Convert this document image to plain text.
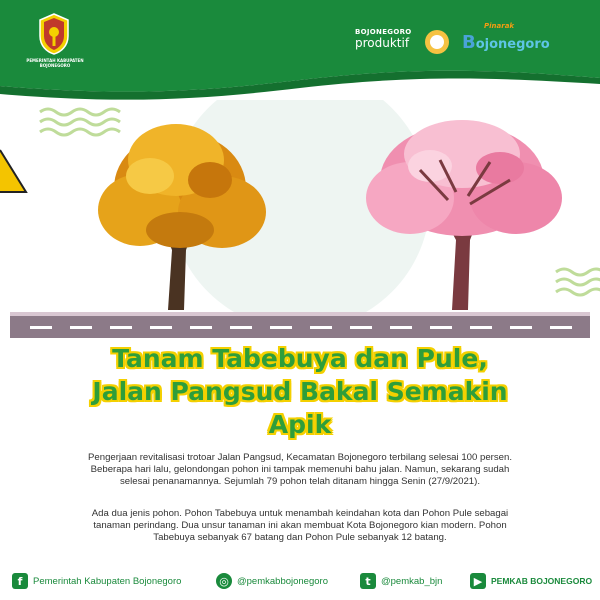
PEMERINTAH KABUPATEN
BOJONEGORO
BOJONEGORO
produktif
Pinarak
Bojonegoro
Tanam Tabebuya dan Pule,
Jalan Pangsud Bakal Semakin
Apik

Pengerjaan revitalisasi trotoar Jalan Pangsud, Kecamatan Bojonegoro terbilang selesai 100 persen. Beberapa hari lalu, gelondongan pohon ini tampak memenuhi bahu jalan. Namun, sekarang sudah selesai penanamannya. Sejumlah 79 pohon telah ditanam hingga Senin (27/9/2021).

Ada dua jenis pohon. Pohon Tabebuya untuk menambah keindahan kota dan Pohon Pule sebagai tanaman perindang. Dua unsur tanaman ini akan membuat Kota Bojonegoro kian modern. Pohon Tabebuya sebanyak 67 batang dan Pohon Pule sebanyak 12 batang.

f	Pemerintah Kabupaten Bojonegoro	◎ @pemkabbojonegoro	t	@pemkab_bjn	▶	PEMKAB BOJONEGORO
